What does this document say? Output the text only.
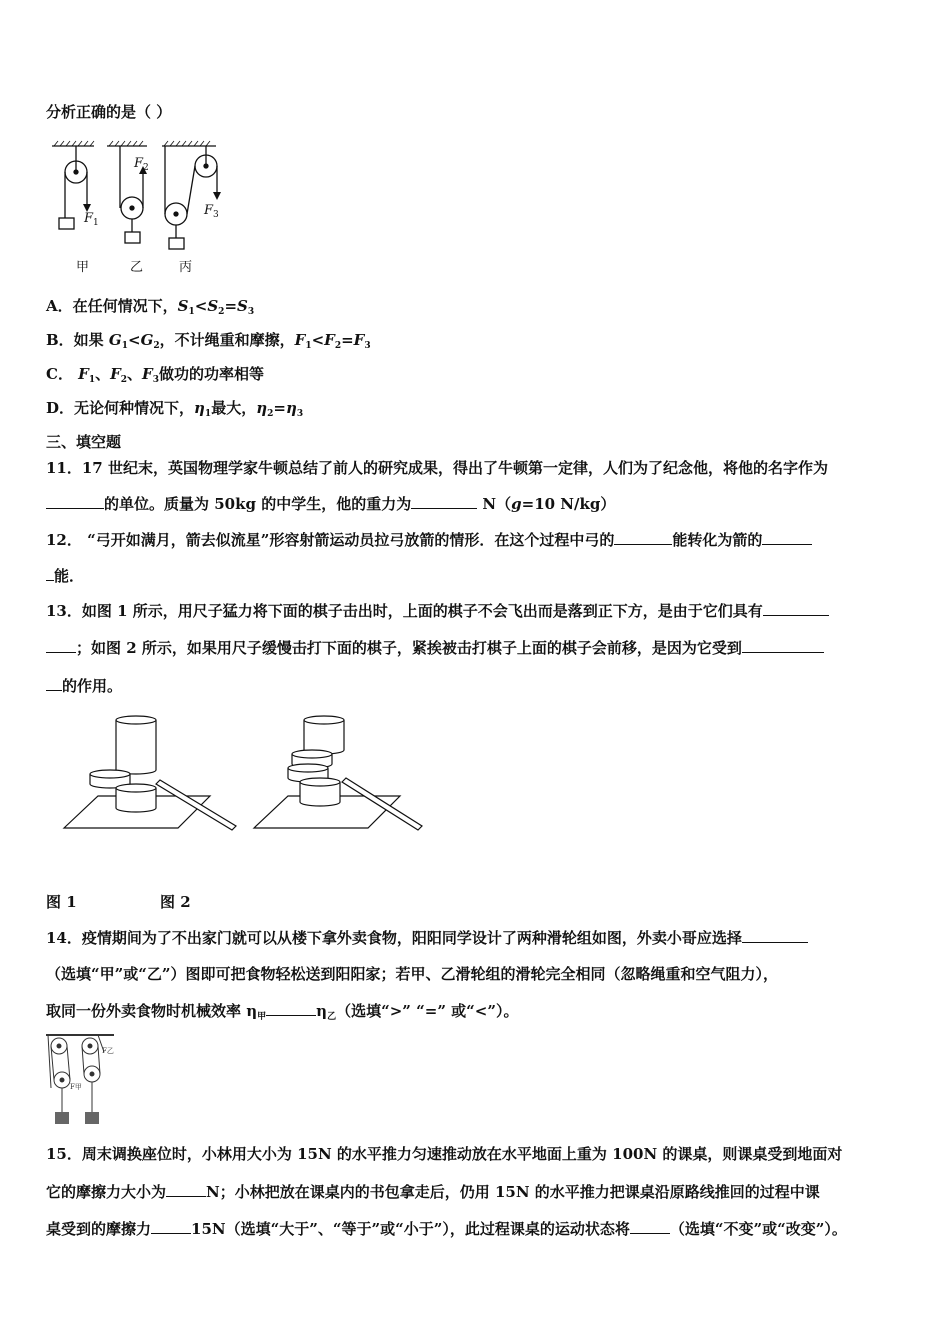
分析正确的是（ ）
$F_1$
$F_2$
$F_3$
甲	乙	丙
A．在任何情况下，$S_1<S_2=S_3$
B．如果 $G_1<G_2$，不计绳重和摩擦，$F_1<F_2=F_3$
C． $F_1$、$F_2$、$F_3$做功的功率相等
D．无论何种情况下，$\eta_1$最大，$\eta_2=\eta_3$
三、填空题
11．17 世纪末，英国物理学家牛顿总结了前人的研究成果，得出了牛顿第一定律，人们为了纪念他，将他的名字作为
的单位。质量为 50kg 的中学生，他的重力为	N（g=10 N/kg）
12． “弓开如满月，箭去似流星”形容射箭运动员拉弓放箭的情形．在这个过程中弓的	能转化为箭的
能．
13．如图 1 所示，用尺子猛力将下面的棋子击出时，上面的棋子不会飞出而是落到正下方，是由于它们具有
；如图 2 所示，如果用尺子缓慢击打下面的棋子，紧挨被击打棋子上面的棋子会前移，是因为它受到
的作用。
图 1	图 2
14．疫情期间为了不出家门就可以从楼下拿外卖食物，阳阳同学设计了两种滑轮组如图，外卖小哥应选择
（选填“甲”或“乙”）图即可把食物轻松送到阳阳家；若甲、乙滑轮组的滑轮完全相同（忽略绳重和空气阻力），
取同一份外卖食物时机械效率 $\eta_甲$	$\eta_乙$（选填“>” “=” 或“<”）。
F甲
F乙
15．周末调换座位时，小林用大小为 15N 的水平推力匀速推动放在水平地面上重为 100N 的课桌，则课桌受到地面对
它的摩擦力大小为	N；小林把放在课桌内的书包拿走后，仍用 15N 的水平推力把课桌沿原路线推回的过程中课
桌受到的摩擦力	15N（选填“大于”、“等于”或“小于”），此过程课桌的运动状态将	（选填“不变”或“改变”）。
